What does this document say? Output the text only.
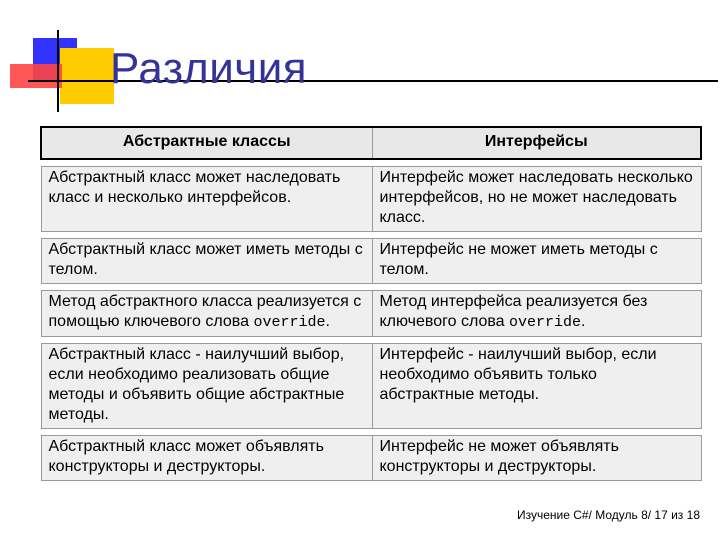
Различия
Абстрактные классы	Интерфейсы

Абстрактный класс может наследовать класс и несколько интерфейсов.	Интерфейс может наследовать несколько интерфейсов, но не может наследовать класс.

Абстрактный класс может иметь методы с телом.	Интерфейс не может иметь методы с телом.

Метод абстрактного класса реализуется с помощью ключевого слова override.	Метод интерфейса реализуется без ключевого слова override.

Абстрактный класс - наилучший выбор, если необходимо реализовать общие методы и объявить общие абстрактные методы.	Интерфейс - наилучший выбор, если необходимо объявить только абстрактные методы.

Абстрактный класс может объявлять конструкторы и деструкторы.	Интерфейс не может объявлять конструкторы и деструкторы.
Изучение C#/ Модуль 8/ 17 из 18
